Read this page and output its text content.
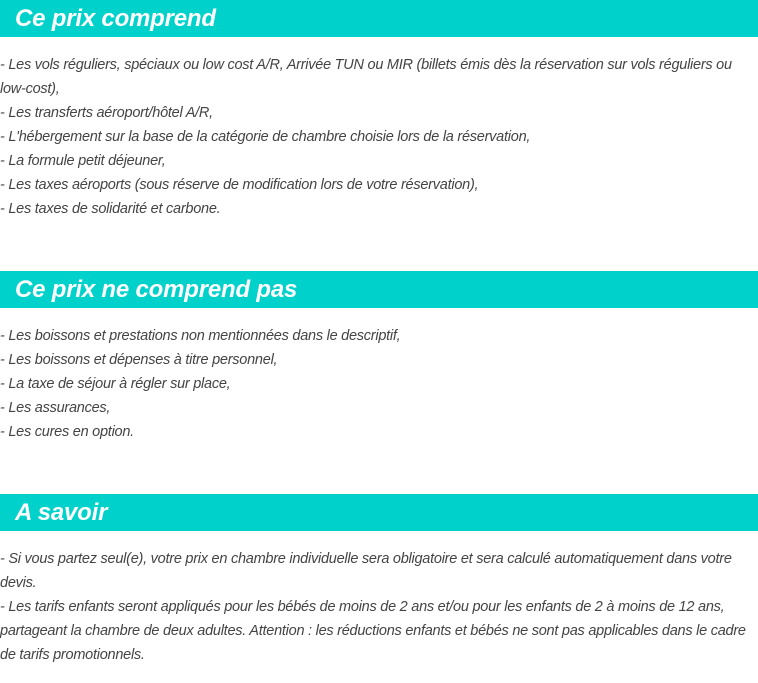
Ce prix comprend

- Les vols réguliers, spéciaux ou low cost A/R, Arrivée TUN ou MIR (billets émis dès la réservation sur vols réguliers ou low-cost),

- Les transferts aéroport/hôtel A/R,

- L'hébergement sur la base de la catégorie de chambre choisie lors de la réservation,

- La formule petit déjeuner,

- Les taxes aéroports (sous réserve de modification lors de votre réservation),

- Les taxes de solidarité et carbone.

Ce prix ne comprend pas

- Les boissons et prestations non mentionnées dans le descriptif,

- Les boissons et dépenses à titre personnel,

- La taxe de séjour à régler sur place,

- Les assurances,

- Les cures en option.

A savoir

- Si vous partez seul(e), votre prix en chambre individuelle sera obligatoire et sera calculé automatiquement dans votre devis.

- Les tarifs enfants seront appliqués pour les bébés de moins de 2 ans et/ou pour les enfants de 2 à moins de 12 ans, partageant la chambre de deux adultes. Attention : les réductions enfants et bébés ne sont pas applicables dans le cadre de tarifs promotionnels.
